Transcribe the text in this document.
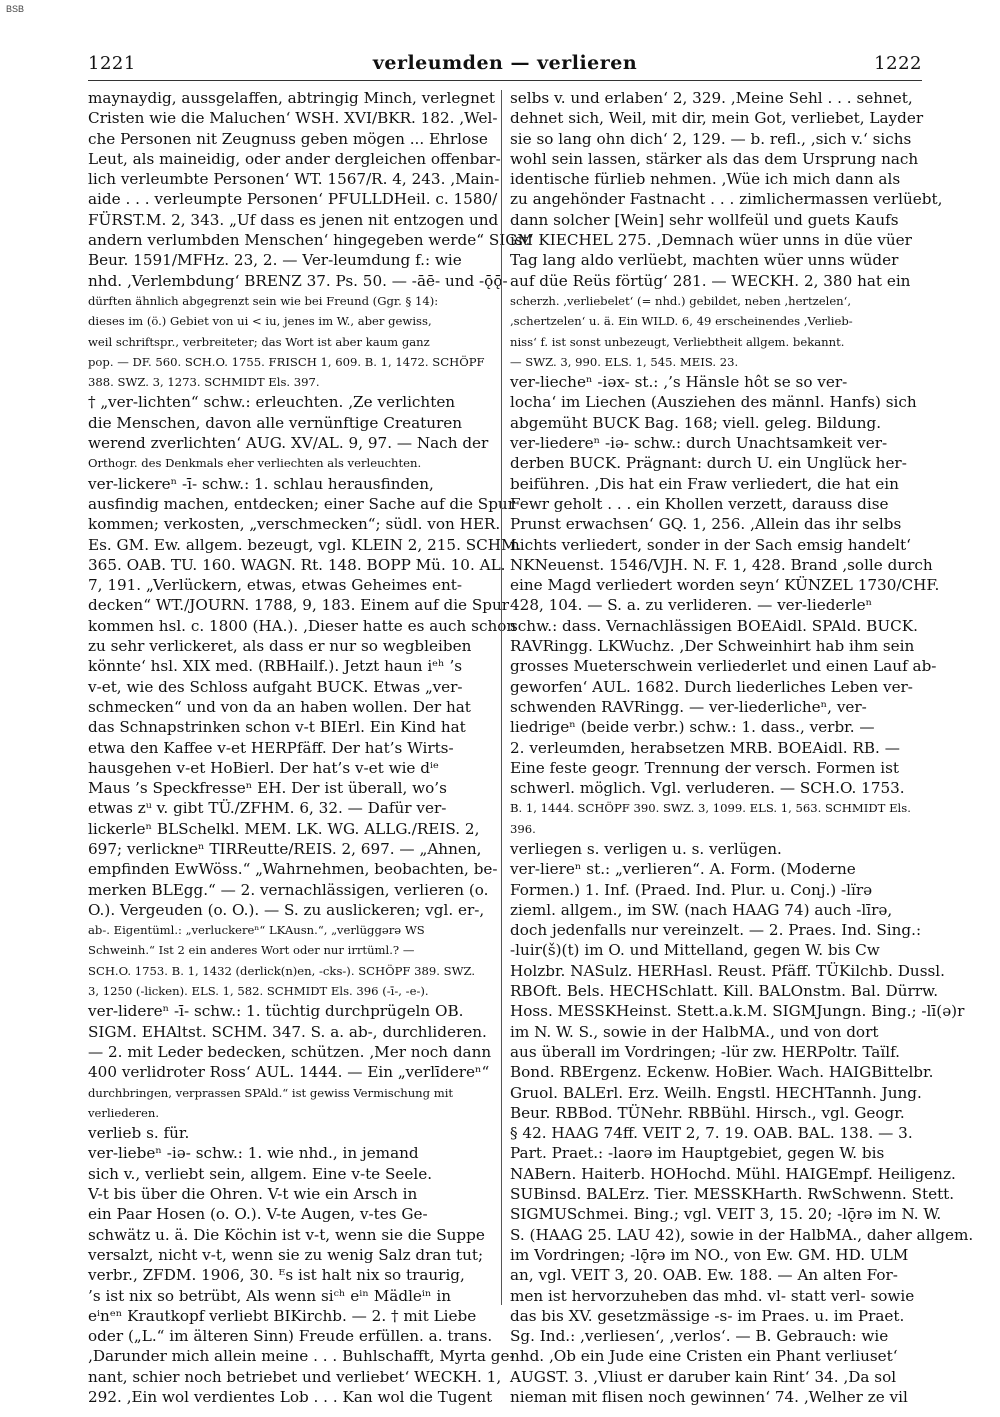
BSB
1221	verleumden — verlieren	1222
maynaydig, aussgelaffen, abtringig Minch, verlegnet
Cristen wie die Maluchen‘ WSH. XVI/BKR. 182. ‚Wel-
che Personen nit Zeugnuss geben mögen ... Ehrlose
Leut, als maineidig, oder ander dergleichen offenbar-
lich verleumbte Personen‘ WT. 1567/R. 4, 243. ‚Main-
aide . . . verleumpte Personen‘ PFULLDHeil. c. 1580/
FÜRST.M. 2, 343. „Uf dass es jenen nit entzogen und
andern verlumbden Menschen‘ hingegeben werde“ SIGM
Beur. 1591/MFHz. 23, 2. — Ver-leumdung f.: wie
nhd. ‚Verlembdung‘ BRENZ 37. Ps. 50. — -āē- und -ǭǭ-
dürften ähnlich abgegrenzt sein wie bei Freund (Ggr. § 14):
dieses im (ö.) Gebiet von ui < iu, jenes im W., aber gewiss,
weil schriftspr., verbreiteter; das Wort ist aber kaum ganz
pop. — DF. 560. SCH.O. 1755. FRISCH 1, 609. B. 1, 1472. SCHÖPF
388. SWZ. 3, 1273. SCHMIDT Els. 397.
† „ver-lichten“ schw.: erleuchten. ‚Ze verlichten
die Menschen, davon alle vernünftige Creaturen
werend zverlichten‘ AUG. XV/AL. 9, 97. — Nach der
Orthogr. des Denkmals eher verliechten als verleuchten.
ver-lickereⁿ -ī- schw.: 1. schlau herausfinden,
ausfindig machen, entdecken; einer Sache auf die Spur
kommen; verkosten, „verschmecken“; südl. von HER.
Es. GM. Ew. allgem. bezeugt, vgl. KLEIN 2, 215. SCHM.
365. OAB. TU. 160. WAGN. Rt. 148. BOPP Mü. 10. AL.
7, 191. „Verlückern, etwas, etwas Geheimes ent-
decken“ WT./JOURN. 1788, 9, 183. Einem auf die Spur
kommen hsl. c. 1800 (HA.). ‚Dieser hatte es auch schon
zu sehr verlickeret, als dass er nur so wegbleiben
könnte‘ hsl. XIX med. (RBHailf.). Jetzt haun iᵉʰ ’s
v-et, wie des Schloss aufgaht BUCK. Etwas „ver-
schmecken“ und von da an haben wollen. Der hat
das Schnapstrinken schon v-t BIErl. Ein Kind hat
etwa den Kaffee v-et HERPfäff. Der hat’s Wirts-
hausgehen v-et HoBierl. Der hat’s v-et wie dⁱᵉ
Maus ’s Speckfresseⁿ EH. Der ist überall, wo’s
etwas zᵘ v. gibt TÜ./ZFHM. 6, 32. — Dafür ver-
lickerleⁿ BLSchelkl. MEM. LK. WG. ALLG./REIS. 2,
697; verlickneⁿ TIRReutte/REIS. 2, 697. — „Ahnen,
empfinden EwWöss.“ „Wahrnehmen, beobachten, be-
merken BLEgg.“ — 2. vernachlässigen, verlieren (o.
O.). Vergeuden (o. O.). — S. zu auslickeren; vgl. er-,
ab-. Eigentüml.: „verluckereⁿ“ LKAusn.“, „verlüggərə WS
Schweinh.“ Ist 2 ein anderes Wort oder nur irrtüml.? —
SCH.O. 1753. B. 1, 1432 (derlick(n)en, -cks-). SCHÖPF 389. SWZ.
3, 1250 (-licken). ELS. 1, 582. SCHMIDT Els. 396 (-ī-, -e-).
ver-lidereⁿ -ī- schw.: 1. tüchtig durchprügeln OB.
SIGM. EHAltst. SCHM. 347. S. a. ab-, durchlideren.
— 2. mit Leder bedecken, schützen. ‚Mer noch dann
400 verlidroter Ross‘ AUL. 1444. — Ein „verlīdereⁿ“
durchbringen, verprassen SPAld.“ ist gewiss Vermischung mit
verliederen.
verlieb s. für.
ver-liebeⁿ -iə- schw.: 1. wie nhd., in jemand
sich v., verliebt sein, allgem. Eine v-te Seele.
V-t bis über die Ohren. V-t wie ein Arsch in
ein Paar Hosen (o. O.). V-te Augen, v-tes Ge-
schwätz u. ä. Die Köchin ist v-t, wenn sie die Suppe
versalzt, nicht v-t, wenn sie zu wenig Salz dran tut;
verbr., ZFDM. 1906, 30. ᴱs ist halt nix so traurig,
’s ist nix so betrübt, Als wenn siᶜʰ eⁱⁿ Mädleⁱⁿ in
eⁱnᵉⁿ Krautkopf verliebt BIKirchb. — 2. † mit Liebe
oder („L.“ im älteren Sinn) Freude erfüllen. a. trans.
‚Darunder mich allein meine . . . Buhlschafft, Myrta ge-
nant, schier noch betriebet und verliebet‘ WECKH. 1,
292. ‚Ein wol verdientes Lob . . . Kan wol die Tugent
selbs v. und erlaben‘ 2, 329. ‚Meine Sehl . . . sehnet,
dehnet sich, Weil, mit dir, mein Got, verliebet, Layder
sie so lang ohn dich‘ 2, 129. — b. refl., ‚sich v.‘ sichs
wohl sein lassen, stärker als das dem Ursprung nach
identische fürlieb nehmen. ‚Wüe ich mich dann als
zu angehönder Fastnacht . . . zimlichermassen verlüebt,
dann solcher [Wein] sehr wollfeül und guets Kaufs
ist‘ KIECHEL 275. ‚Demnach wüer unns in düe vüer
Tag lang aldo verlüebt, machten wüer unns wüder
auf düe Reüs förtüg‘ 281. — WECKH. 2, 380 hat ein
scherzh. ‚verliebelet‘ (= nhd.) gebildet, neben ‚hertzelen‘,
‚schertzelen‘ u. ä. Ein WILD. 6, 49 erscheinendes ‚Verlieb-
niss‘ f. ist sonst unbezeugt, Verliebtheit allgem. bekannt.
— SWZ. 3, 990. ELS. 1, 545. MEIS. 23.
ver-liecheⁿ -iəx- st.: ‚’s Hänsle hôt se so ver-
locha‘ im Liechen (Ausziehen des männl. Hanfs) sich
abgemüht BUCK Bag. 168; viell. geleg. Bildung.
ver-liedereⁿ -iə- schw.: durch Unachtsamkeit ver-
derben BUCK. Prägnant: durch U. ein Unglück her-
beiführen. ‚Dis hat ein Fraw verliedert, die hat ein
Fewr geholt . . . ein Khollen verzett, darauss dise
Prunst erwachsen‘ GQ. 1, 256. ‚Allein das ihr selbs
nichts verliedert, sonder in der Sach emsig handelt‘
NKNeuenst. 1546/VJH. N. F. 1, 428. Brand ‚solle durch
eine Magd verliedert worden seyn‘ KÜNZEL 1730/CHF.
428, 104. — S. a. zu verlideren. — ver-liederleⁿ
schw.: dass. Vernachlässigen BOEAidl. SPAld. BUCK.
RAVRingg. LKWuchz. ‚Der Schweinhirt hab ihm sein
grosses Mueterschwein verliederlet und einen Lauf ab-
geworfen‘ AUL. 1682. Durch liederliches Leben ver-
schwenden RAVRingg. — ver-liederlicheⁿ, ver-
liedrigeⁿ (beide verbr.) schw.: 1. dass., verbr. —
2. verleumden, herabsetzen MRB. BOEAidl. RB. —
Eine feste geogr. Trennung der versch. Formen ist
schwerl. möglich. Vgl. verluderen. — SCH.O. 1753.
B. 1, 1444. SCHÖPF 390. SWZ. 3, 1099. ELS. 1, 563. SCHMIDT Els.
396.
verliegen s. verligen u. s. verlügen.
ver-liereⁿ st.: „verlieren“. A. Form. (Moderne
Formen.) 1. Inf. (Praed. Ind. Plur. u. Conj.) -lïrə
zieml. allgem., im SW. (nach HAAG 74) auch -līrə,
doch jedenfalls nur vereinzelt. — 2. Praes. Ind. Sing.:
-luir(š)(t) im O. und Mittelland, gegen W. bis Cw
Holzbr. NASulz. HERHasl. Reust. Pfäff. TÜKilchb. Dussl.
RBOft. Bels. HECHSchlatt. Kill. BALOnstm. Bal. Dürrw.
Hoss. MESSKHeinst. Stett.a.k.M. SIGMJungn. Bing.; -lī(ə)r
im N. W. S., sowie in der HalbMA., und von dort
aus überall im Vordringen; -lür zw. HERPoltr. Taïlf.
Bond. RBErgenz. Eckenw. HoBier. Wach. HAIGBittelbr.
Gruol. BALErl. Erz. Weilh. Engstl. HECHTannh. Jung.
Beur. RBBod. TÜNehr. RBBühl. Hirsch., vgl. Geogr.
§ 42. HAAG 74ff. VEIT 2, 7. 19. OAB. BAL. 138. — 3.
Part. Praet.: -laorə im Hauptgebiet, gegen W. bis
NABern. Haiterb. HOHochd. Mühl. HAIGEmpf. Heiligenz.
SUBinsd. BALErz. Tier. MESSKHarth. RwSchwenn. Stett.
SIGMUSchmei. Bing.; vgl. VEIT 3, 15. 20; -lǭrə im N. W.
S. (HAAG 25. LAU 42), sowie in der HalbMA., daher allgem.
im Vordringen; -lǭrə im NO., von Ew. GM. HD. ULM
an, vgl. VEIT 3, 20. OAB. Ew. 188. — An alten For-
men ist hervorzuheben das mhd. vl- statt verl- sowie
das bis XV. gesetzmässige -s- im Praes. u. im Praet.
Sg. Ind.: ‚verliesen‘, ‚verlos‘. — B. Gebrauch: wie
nhd. ‚Ob ein Jude eine Cristen ein Phant verliuset‘
AUGST. 3. ‚Vliust er daruber kain Rint‘ 34. ‚Da sol
nieman mit flisen noch gewinnen‘ 74. ‚Welher ze vil
